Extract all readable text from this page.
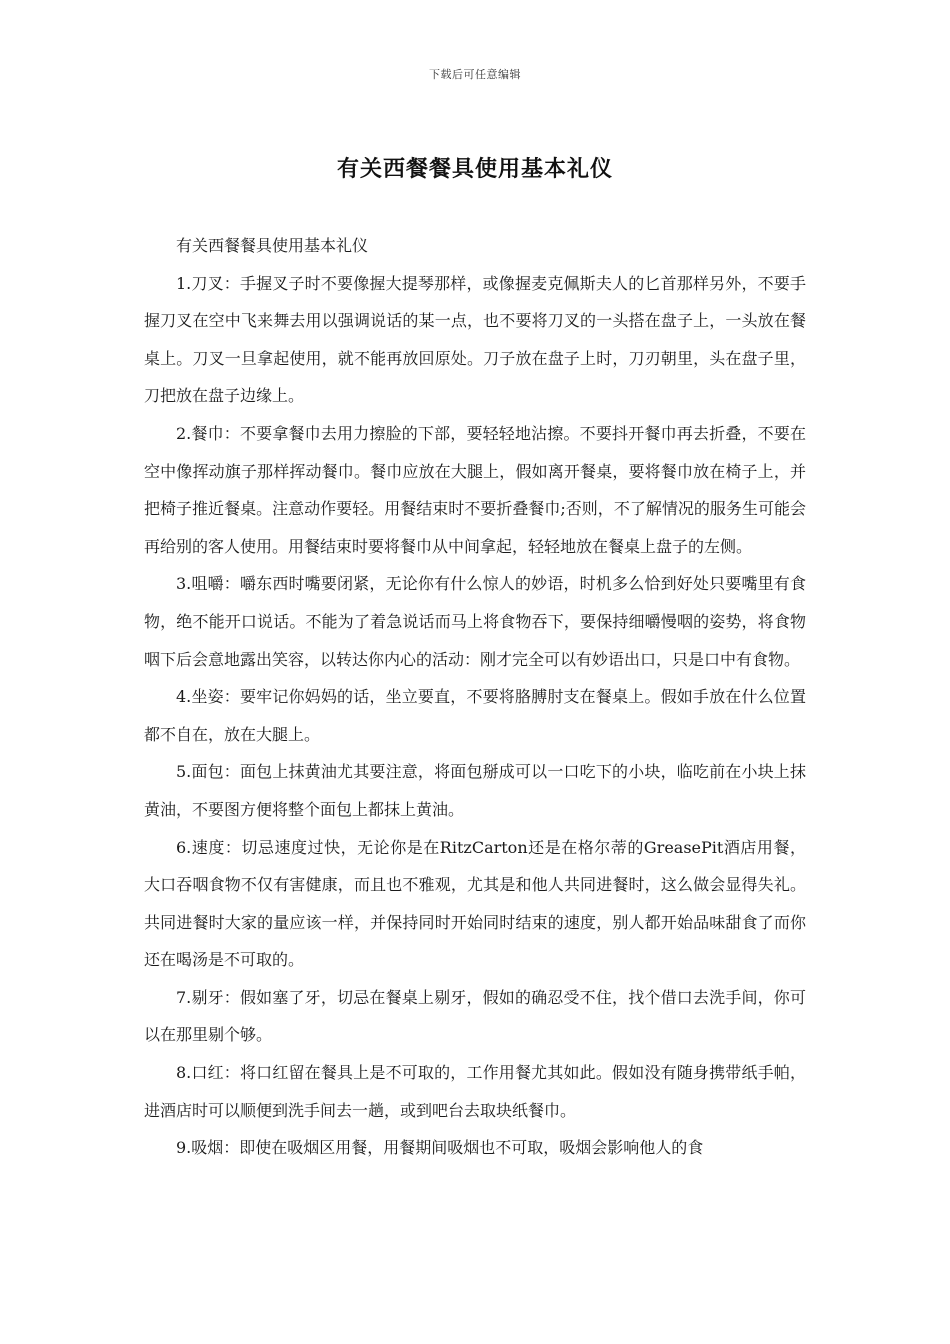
下载后可任意编辑
有关西餐餐具使用基本礼仪

有关西餐餐具使用基本礼仪

1.刀叉：手握叉子时不要像握大提琴那样，或像握麦克佩斯夫人的匕首那样另外，不要手握刀叉在空中飞来舞去用以强调说话的某一点，也不要将刀叉的一头搭在盘子上，一头放在餐桌上。刀叉一旦拿起使用，就不能再放回原处。刀子放在盘子上时，刀刃朝里，头在盘子里，刀把放在盘子边缘上。

2.餐巾：不要拿餐巾去用力擦脸的下部，要轻轻地沾擦。不要抖开餐巾再去折叠，不要在空中像挥动旗子那样挥动餐巾。餐巾应放在大腿上，假如离开餐桌，要将餐巾放在椅子上，并把椅子推近餐桌。注意动作要轻。用餐结束时不要折叠餐巾;否则，不了解情况的服务生可能会再给别的客人使用。用餐结束时要将餐巾从中间拿起，轻轻地放在餐桌上盘子的左侧。

3.咀嚼：嚼东西时嘴要闭紧，无论你有什么惊人的妙语，时机多么恰到好处只要嘴里有食物，绝不能开口说话。不能为了着急说话而马上将食物吞下，要保持细嚼慢咽的姿势，将食物咽下后会意地露出笑容，以转达你内心的活动：刚才完全可以有妙语出口，只是口中有食物。

4.坐姿：要牢记你妈妈的话，坐立要直，不要将胳膊肘支在餐桌上。假如手放在什么位置都不自在，放在大腿上。

5.面包：面包上抹黄油尤其要注意，将面包掰成可以一口吃下的小块，临吃前在小块上抹黄油，不要图方便将整个面包上都抹上黄油。

6.速度：切忌速度过快，无论你是在RitzCarton还是在格尔蒂的GreasePit酒店用餐，大口吞咽食物不仅有害健康，而且也不雅观，尤其是和他人共同进餐时，这么做会显得失礼。共同进餐时大家的量应该一样，并保持同时开始同时结束的速度，别人都开始品味甜食了而你还在喝汤是不可取的。

7.剔牙：假如塞了牙，切忌在餐桌上剔牙，假如的确忍受不住，找个借口去洗手间，你可以在那里剔个够。

8.口红：将口红留在餐具上是不可取的，工作用餐尤其如此。假如没有随身携带纸手帕，进酒店时可以顺便到洗手间去一趟，或到吧台去取块纸餐巾。

9.吸烟：即使在吸烟区用餐，用餐期间吸烟也不可取，吸烟会影响他人的食
